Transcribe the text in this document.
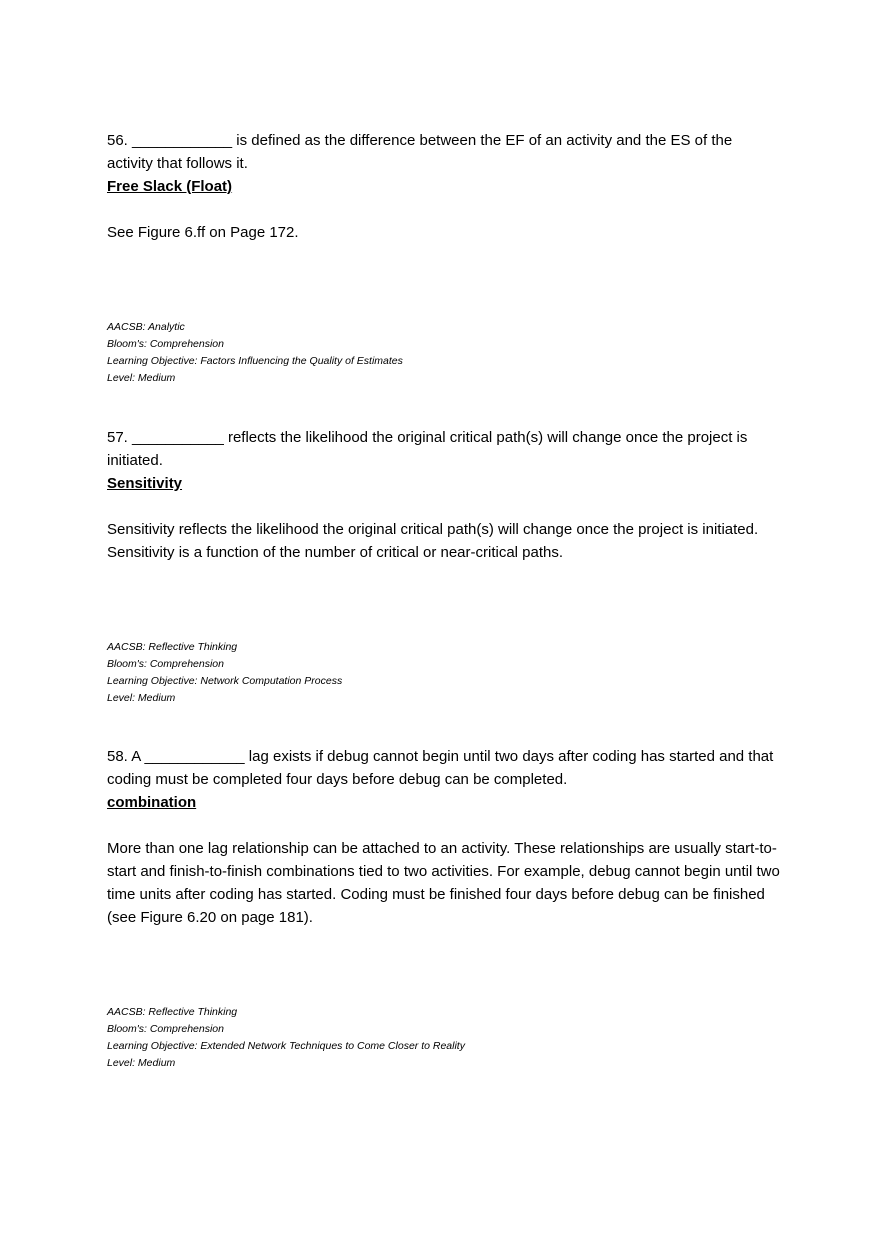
56. ____________ is defined as the difference between the EF of an activity and the ES of the activity that follows it.

Free Slack (Float)

See Figure 6.ff on Page 172.

AACSB: Analytic
Bloom's: Comprehension
Learning Objective: Factors Influencing the Quality of Estimates
Level: Medium

57. ___________ reflects the likelihood the original critical path(s) will change once the project is initiated.

Sensitivity

Sensitivity reflects the likelihood the original critical path(s) will change once the project is initiated. Sensitivity is a function of the number of critical or near-critical paths.

AACSB: Reflective Thinking
Bloom's: Comprehension
Learning Objective: Network Computation Process
Level: Medium

58. A ____________ lag exists if debug cannot begin until two days after coding has started and that coding must be completed four days before debug can be completed.

combination

More than one lag relationship can be attached to an activity. These relationships are usually start-to-start and finish-to-finish combinations tied to two activities. For example, debug cannot begin until two time units after coding has started. Coding must be finished four days before debug can be finished (see Figure 6.20 on page 181).

AACSB: Reflective Thinking
Bloom's: Comprehension
Learning Objective: Extended Network Techniques to Come Closer to Reality
Level: Medium
